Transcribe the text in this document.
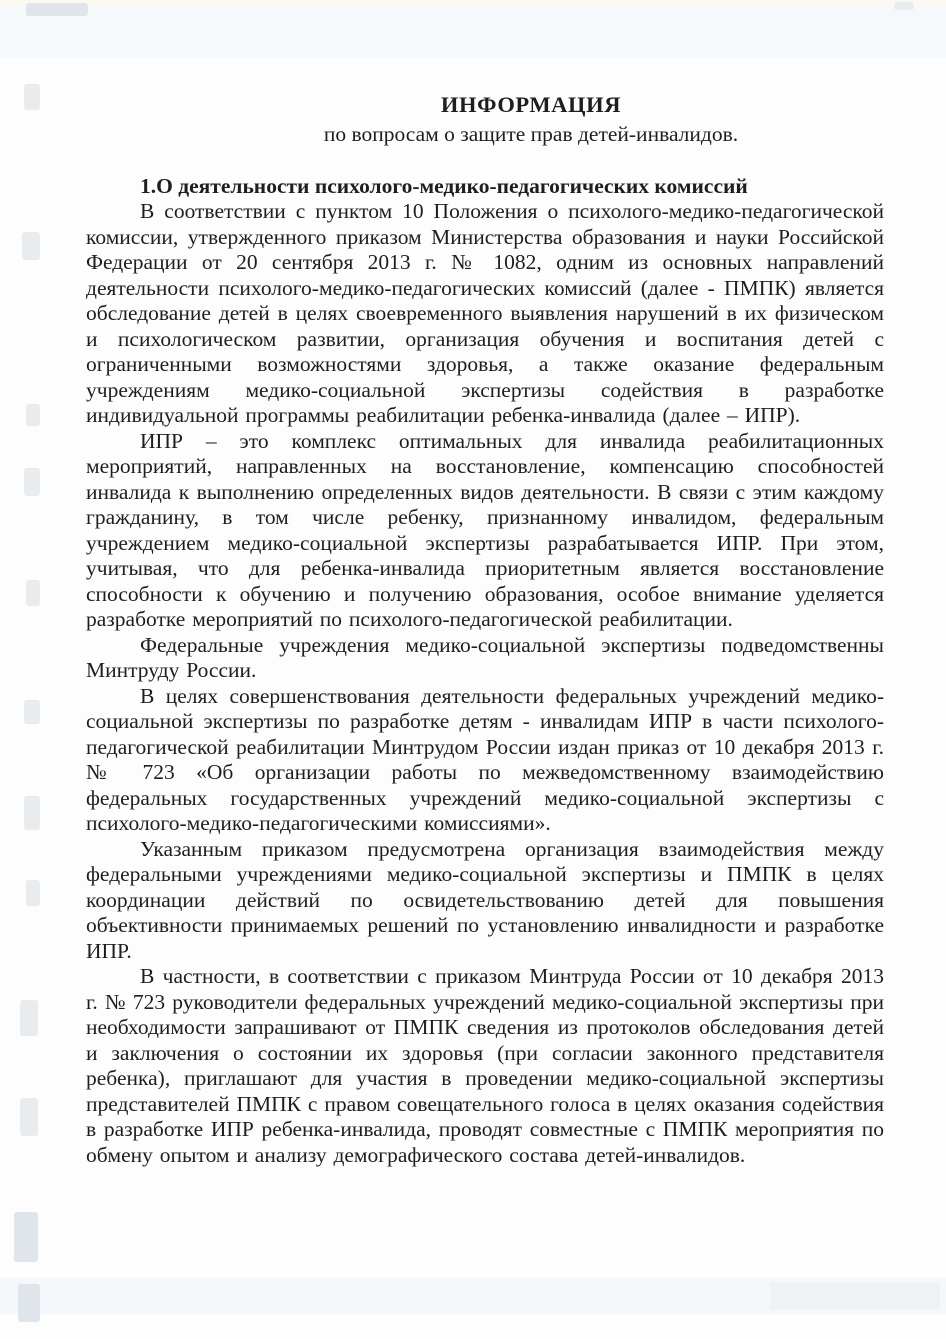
ИНФОРМАЦИЯ
по вопросам о защите прав детей-инвалидов.
1.О деятельности психолого-медико-педагогических комиссий

В соответствии с пунктом 10 Положения о психолого-медико-педагогической комиссии, утвержденного приказом Министерства образования и науки Российской Федерации от 20 сентября 2013 г. № 1082, одним из основных направлений деятельности психолого-медико-педагогических комиссий (далее - ПМПК) является обследование детей в целях своевременного выявления нарушений в их физическом и психологическом развитии, организация обучения и воспитания детей с ограниченными возможностями здоровья, а также оказание федеральным учреждениям медико-социальной экспертизы содействия в разработке индивидуальной программы реабилитации ребенка-инвалида (далее – ИПР).

ИПР – это комплекс оптимальных для инвалида реабилитационных мероприятий, направленных на восстановление, компенсацию способностей инвалида к выполнению определенных видов деятельности. В связи с этим каждому гражданину, в том числе ребенку, признанному инвалидом, федеральным учреждением медико-социальной экспертизы разрабатывается ИПР. При этом, учитывая, что для ребенка-инвалида приоритетным является восстановление способности к обучению и получению образования, особое внимание уделяется разработке мероприятий по психолого-педагогической реабилитации.

Федеральные учреждения медико-социальной экспертизы подведомственны Минтруду России.

В целях совершенствования деятельности федеральных учреждений медико-социальной экспертизы по разработке детям - инвалидам ИПР в части психолого-педагогической реабилитации Минтрудом России издан приказ от 10 декабря 2013 г. № 723 «Об организации работы по межведомственному взаимодействию федеральных государственных учреждений медико-социальной экспертизы с психолого-медико-педагогическими комиссиями».

Указанным приказом предусмотрена организация взаимодействия между федеральными учреждениями медико-социальной экспертизы и ПМПК в целях координации действий по освидетельствованию детей для повышения объективности принимаемых решений по установлению инвалидности и разработке ИПР.

В частности, в соответствии с приказом Минтруда России от 10 декабря 2013 г. № 723 руководители федеральных учреждений медико-социальной экспертизы при необходимости запрашивают от ПМПК сведения из протоколов обследования детей и заключения о состоянии их здоровья (при согласии законного представителя ребенка), приглашают для участия в проведении медико-социальной экспертизы представителей ПМПК с правом совещательного голоса в целях оказания содействия в разработке ИПР ребенка-инвалида, проводят совместные с ПМПК мероприятия по обмену опытом и анализу демографического состава детей-инвалидов.
